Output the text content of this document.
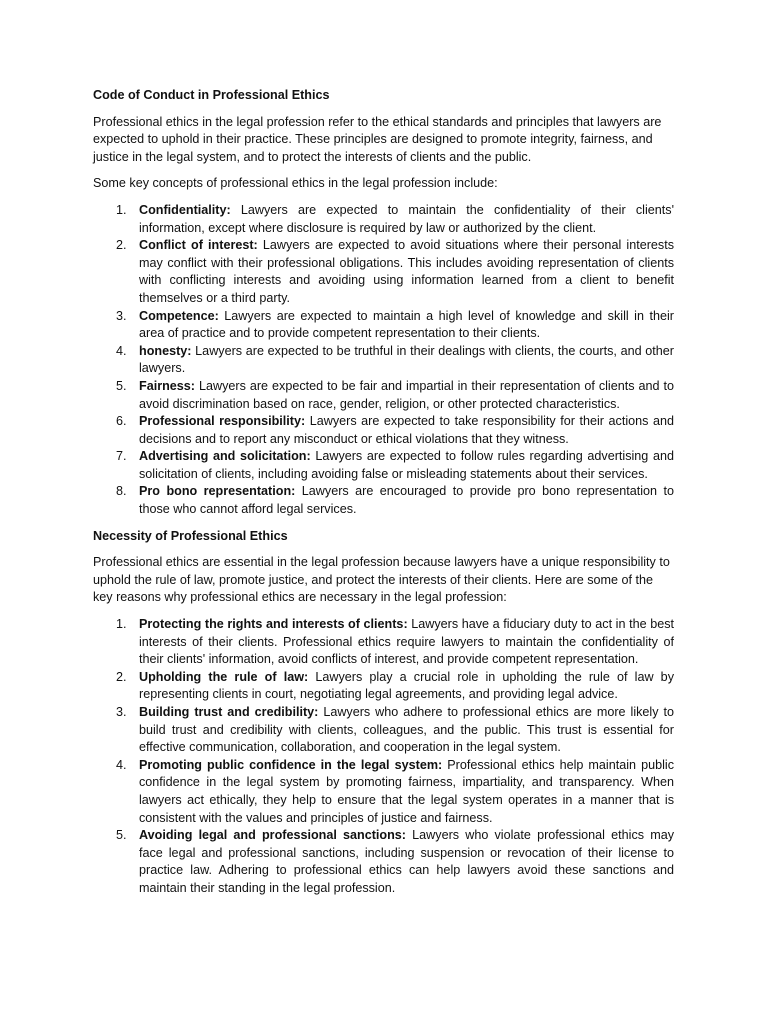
Code of Conduct in Professional Ethics
Professional ethics in the legal profession refer to the ethical standards and principles that lawyers are expected to uphold in their practice. These principles are designed to promote integrity, fairness, and justice in the legal system, and to protect the interests of clients and the public.
Some key concepts of professional ethics in the legal profession include:
1. Confidentiality: Lawyers are expected to maintain the confidentiality of their clients' information, except where disclosure is required by law or authorized by the client.
2. Conflict of interest: Lawyers are expected to avoid situations where their personal interests may conflict with their professional obligations. This includes avoiding representation of clients with conflicting interests and avoiding using information learned from a client to benefit themselves or a third party.
3. Competence: Lawyers are expected to maintain a high level of knowledge and skill in their area of practice and to provide competent representation to their clients.
4. honesty: Lawyers are expected to be truthful in their dealings with clients, the courts, and other lawyers.
5. Fairness: Lawyers are expected to be fair and impartial in their representation of clients and to avoid discrimination based on race, gender, religion, or other protected characteristics.
6. Professional responsibility: Lawyers are expected to take responsibility for their actions and decisions and to report any misconduct or ethical violations that they witness.
7. Advertising and solicitation: Lawyers are expected to follow rules regarding advertising and solicitation of clients, including avoiding false or misleading statements about their services.
8. Pro bono representation: Lawyers are encouraged to provide pro bono representation to those who cannot afford legal services.
Necessity of Professional Ethics
Professional ethics are essential in the legal profession because lawyers have a unique responsibility to uphold the rule of law, promote justice, and protect the interests of their clients. Here are some of the key reasons why professional ethics are necessary in the legal profession:
1. Protecting the rights and interests of clients: Lawyers have a fiduciary duty to act in the best interests of their clients. Professional ethics require lawyers to maintain the confidentiality of their clients' information, avoid conflicts of interest, and provide competent representation.
2. Upholding the rule of law: Lawyers play a crucial role in upholding the rule of law by representing clients in court, negotiating legal agreements, and providing legal advice.
3. Building trust and credibility: Lawyers who adhere to professional ethics are more likely to build trust and credibility with clients, colleagues, and the public. This trust is essential for effective communication, collaboration, and cooperation in the legal system.
4. Promoting public confidence in the legal system: Professional ethics help maintain public confidence in the legal system by promoting fairness, impartiality, and transparency. When lawyers act ethically, they help to ensure that the legal system operates in a manner that is consistent with the values and principles of justice and fairness.
5. Avoiding legal and professional sanctions: Lawyers who violate professional ethics may face legal and professional sanctions, including suspension or revocation of their license to practice law. Adhering to professional ethics can help lawyers avoid these sanctions and maintain their standing in the legal profession.
